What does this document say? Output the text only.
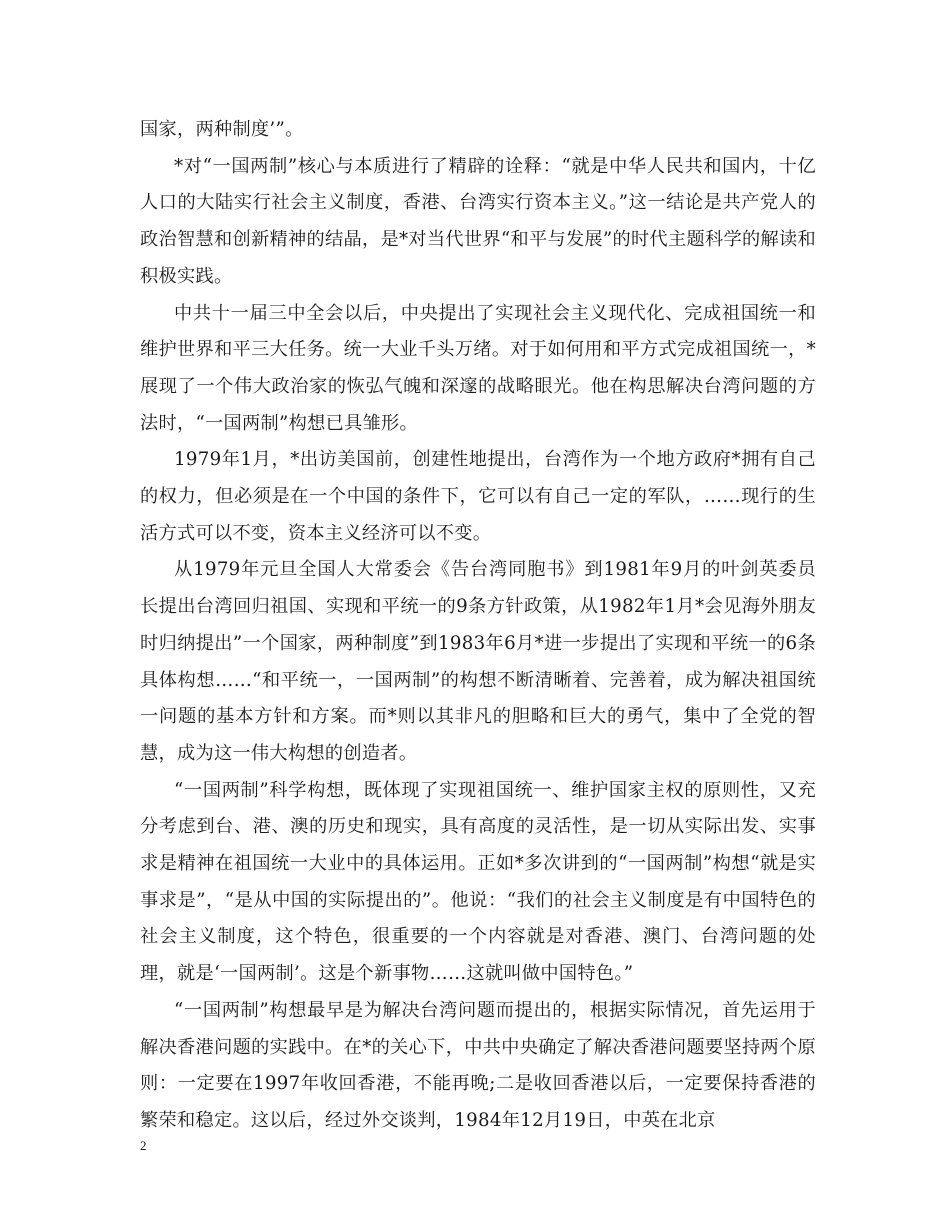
国家，两种制度’”。

*对“一国两制”核心与本质进行了精辟的诠释：“就是中华人民共和国内，十亿人口的大陆实行社会主义制度，香港、台湾实行资本主义。”这一结论是共产党人的政治智慧和创新精神的结晶，是*对当代世界“和平与发展”的时代主题科学的解读和积极实践。

中共十一届三中全会以后，中央提出了实现社会主义现代化、完成祖国统一和维护世界和平三大任务。统一大业千头万绪。对于如何用和平方式完成祖国统一，*展现了一个伟大政治家的恢弘气魄和深邃的战略眼光。他在构思解决台湾问题的方法时，“一国两制”构想已具雏形。

1979年1月，*出访美国前，创建性地提出，台湾作为一个地方政府*拥有自己的权力，但必须是在一个中国的条件下，它可以有自己一定的军队，……现行的生活方式可以不变，资本主义经济可以不变。

从1979年元旦全国人大常委会《告台湾同胞书》到1981年9月的叶剑英委员长提出台湾回归祖国、实现和平统一的9条方针政策，从1982年1月*会见海外朋友时归纳提出”一个国家，两种制度”到1983年6月*进一步提出了实现和平统一的6条具体构想……“和平统一，一国两制”的构想不断清晰着、完善着，成为解决祖国统一问题的基本方针和方案。而*则以其非凡的胆略和巨大的勇气，集中了全党的智慧，成为这一伟大构想的创造者。

“一国两制”科学构想，既体现了实现祖国统一、维护国家主权的原则性，又充分考虑到台、港、澳的历史和现实，具有高度的灵活性，是一切从实际出发、实事求是精神在祖国统一大业中的具体运用。正如*多次讲到的“一国两制”构想“就是实事求是”，“是从中国的实际提出的”。他说：“我们的社会主义制度是有中国特色的社会主义制度，这个特色，很重要的一个内容就是对香港、澳门、台湾问题的处理，就是‘一国两制’。这是个新事物……这就叫做中国特色。”

“一国两制”构想最早是为解决台湾问题而提出的，根据实际情况，首先运用于解决香港问题的实践中。在*的关心下，中共中央确定了解决香港问题要坚持两个原则：一定要在1997年收回香港，不能再晚;二是收回香港以后，一定要保持香港的繁荣和稳定。这以后，经过外交谈判，1984年12月19日，中英在北京

2
